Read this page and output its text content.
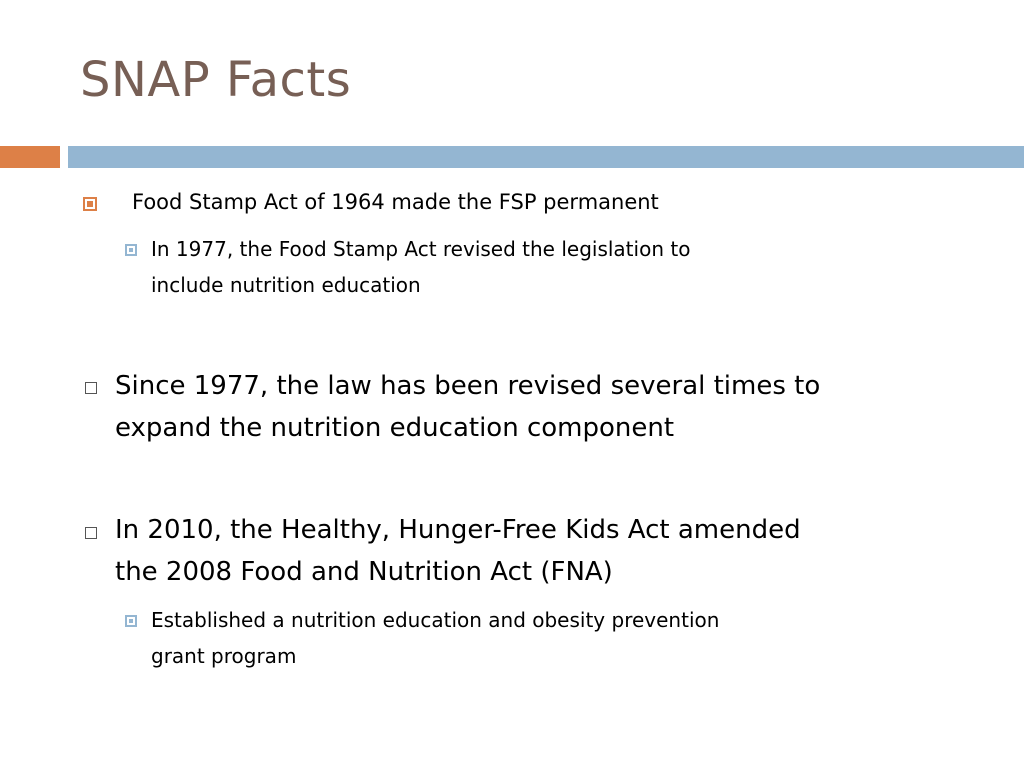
SNAP Facts
Food Stamp Act of 1964 made the FSP permanent
In 1977, the Food Stamp Act revised the legislation to
include nutrition education
Since 1977, the law has been revised several times to
expand the nutrition education component
In 2010, the Healthy, Hunger-Free Kids Act amended
the 2008 Food and Nutrition Act (FNA)
Established a nutrition education and obesity prevention
grant program
